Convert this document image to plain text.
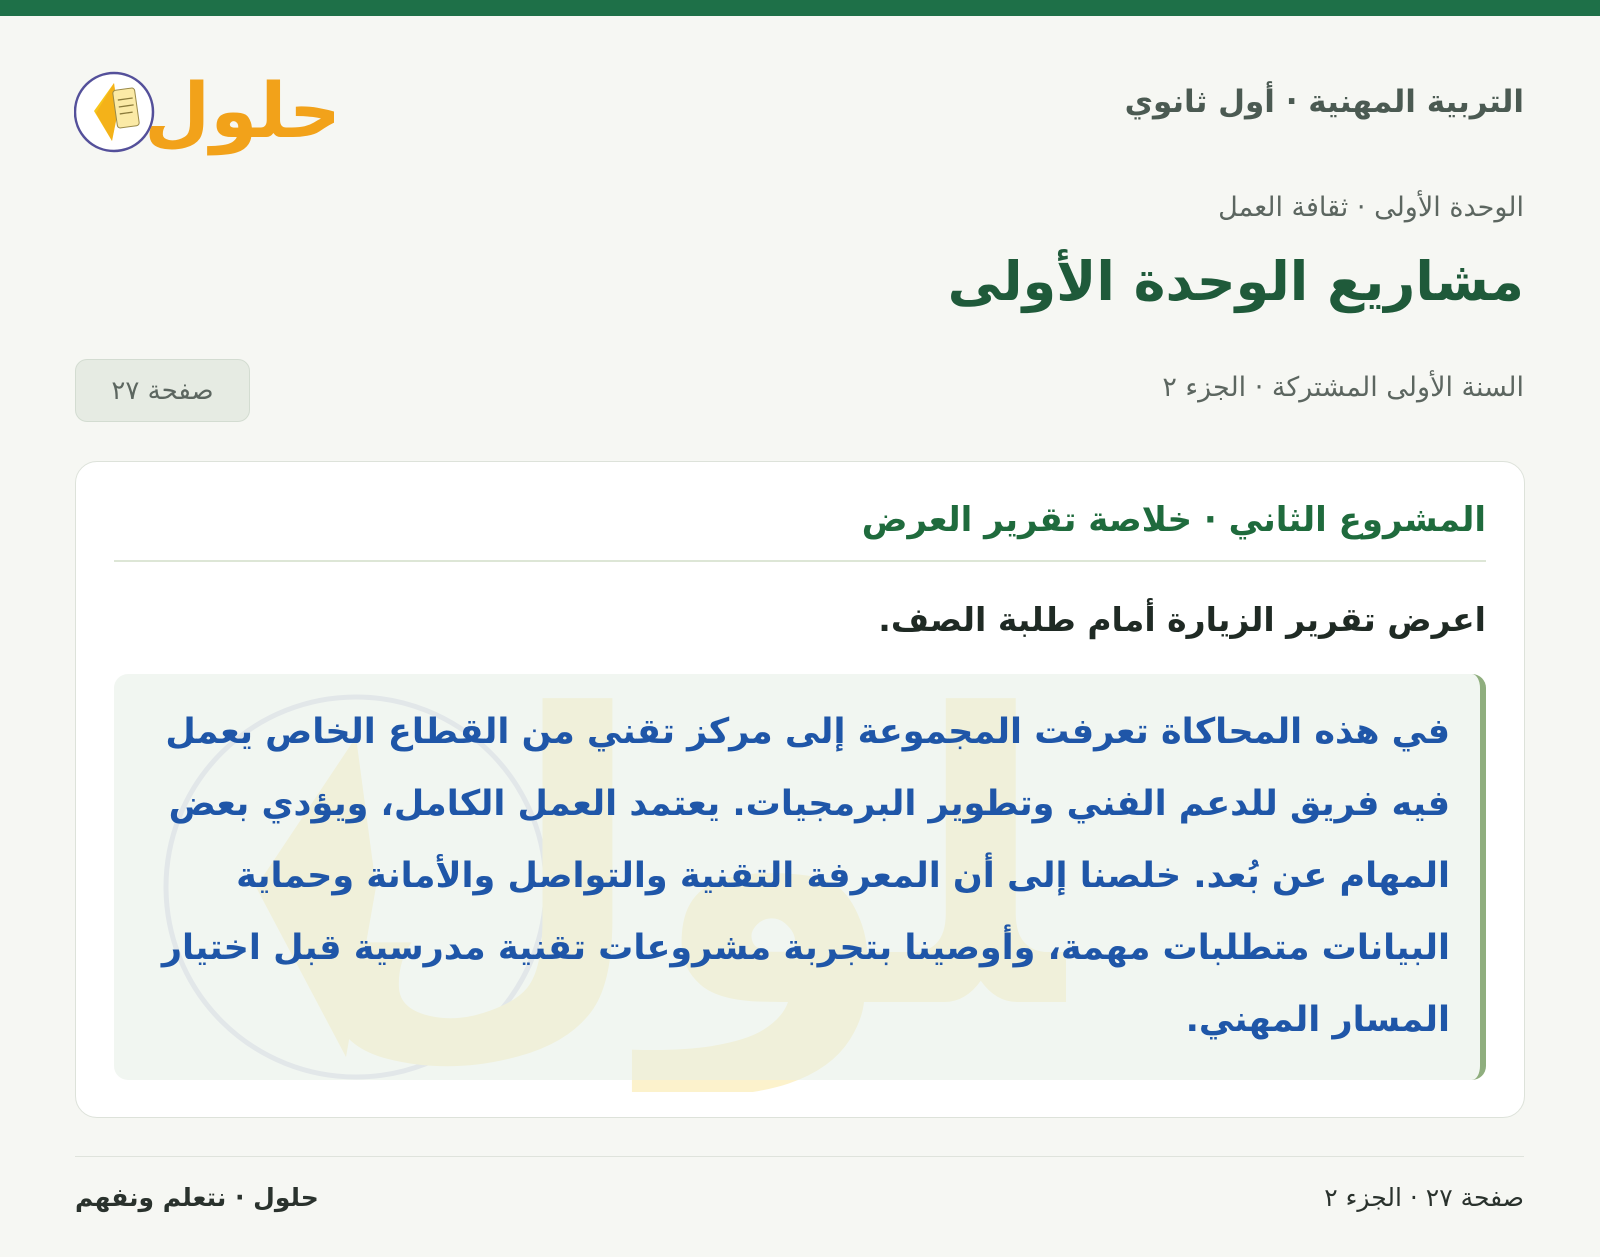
التربية المهنية · أول ثانوي
حلول
الوحدة الأولى · ثقافة العمل
مشاريع الوحدة الأولى
السنة الأولى المشتركة · الجزء ٢
صفحة ٢٧
المشروع الثاني · خلاصة تقرير العرض
اعرض تقرير الزيارة أمام طلبة الصف.

في هذه المحاكاة تعرفت المجموعة إلى مركز تقني من القطاع الخاص يعمل فيه فريق للدعم الفني وتطوير البرمجيات. يعتمد العمل الكامل، ويؤدي بعض المهام عن بُعد. خلصنا إلى أن المعرفة التقنية والتواصل والأمانة وحماية البيانات متطلبات مهمة، وأوصينا بتجربة مشروعات تقنية مدرسية قبل اختيار المسار المهني.

حلول · نتعلم ونفهم	صفحة ٢٧ · الجزء ٢
